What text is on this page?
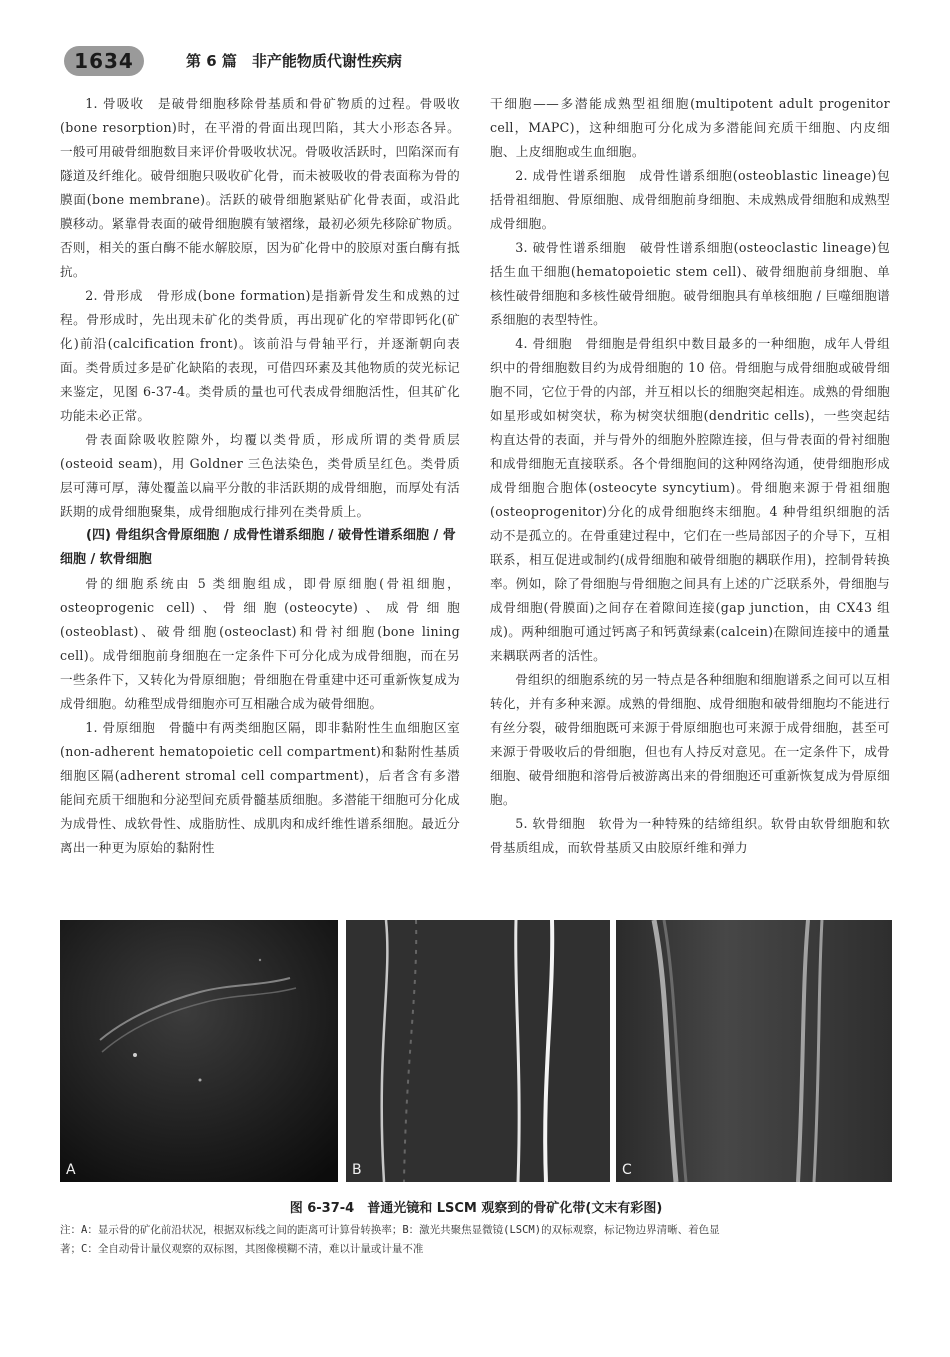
1634	第 6 篇　非产能物质代谢性疾病

1. 骨吸收　是破骨细胞移除骨基质和骨矿物质的过程。骨吸收(bone resorption)时，在平滑的骨面出现凹陷，其大小形态各异。一般可用破骨细胞数目来评价骨吸收状况。骨吸收活跃时，凹陷深而有隧道及纤维化。破骨细胞只吸收矿化骨，而未被吸收的骨表面称为骨的膜面(bone membrane)。活跃的破骨细胞紧贴矿化骨表面，或沿此膜移动。紧靠骨表面的破骨细胞膜有皱褶缘，最初必须先移除矿物质。否则，相关的蛋白酶不能水解胶原，因为矿化骨中的胶原对蛋白酶有抵抗。

2. 骨形成　骨形成(bone formation)是指新骨发生和成熟的过程。骨形成时，先出现未矿化的类骨质，再出现矿化的窄带即钙化(矿化)前沿(calcification front)。该前沿与骨轴平行，并逐渐朝向表面。类骨质过多是矿化缺陷的表现，可借四环素及其他物质的荧光标记来鉴定，见图 6-37-4。类骨质的量也可代表成骨细胞活性，但其矿化功能未必正常。

骨表面除吸收腔隙外，均覆以类骨质，形成所谓的类骨质层(osteoid seam)，用 Goldner 三色法染色，类骨质呈红色。类骨质层可薄可厚，薄处覆盖以扁平分散的非活跃期的成骨细胞，而厚处有活跃期的成骨细胞聚集，成骨细胞成行排列在类骨质上。

(四) 骨组织含骨原细胞 / 成骨性谱系细胞 / 破骨性谱系细胞 / 骨细胞 / 软骨细胞

骨的细胞系统由 5 类细胞组成，即骨原细胞(骨祖细胞，osteoprogenic cell)、骨细胞(osteocyte)、成骨细胞(osteoblast)、破骨细胞(osteoclast)和骨衬细胞(bone lining cell)。成骨细胞前身细胞在一定条件下可分化成为成骨细胞，而在另一些条件下，又转化为骨原细胞；骨细胞在骨重建中还可重新恢复成为成骨细胞。幼稚型成骨细胞亦可互相融合成为破骨细胞。

1. 骨原细胞　骨髓中有两类细胞区隔，即非黏附性生血细胞区室(non-adherent hematopoietic cell compartment)和黏附性基质细胞区隔(adherent stromal cell compartment)，后者含有多潜能间充质干细胞和分泌型间充质骨髓基质细胞。多潜能干细胞可分化成为成骨性、成软骨性、成脂肪性、成肌肉和成纤维性谱系细胞。最近分离出一种更为原始的黏附性

干细胞——多潜能成熟型祖细胞(multipotent adult progenitor cell，MAPC)，这种细胞可分化成为多潜能间充质干细胞、内皮细胞、上皮细胞或生血细胞。

2. 成骨性谱系细胞　成骨性谱系细胞(osteoblastic lineage)包括骨祖细胞、骨原细胞、成骨细胞前身细胞、未成熟成骨细胞和成熟型成骨细胞。

3. 破骨性谱系细胞　破骨性谱系细胞(osteoclastic lineage)包括生血干细胞(hematopoietic stem cell)、破骨细胞前身细胞、单核性破骨细胞和多核性破骨细胞。破骨细胞具有单核细胞 / 巨噬细胞谱系细胞的表型特性。

4. 骨细胞　骨细胞是骨组织中数目最多的一种细胞，成年人骨组织中的骨细胞数目约为成骨细胞的 10 倍。骨细胞与成骨细胞或破骨细胞不同，它位于骨的内部，并互相以长的细胞突起相连。成熟的骨细胞如星形或如树突状，称为树突状细胞(dendritic cells)，一些突起结构直达骨的表面，并与骨外的细胞外腔隙连接，但与骨表面的骨衬细胞和成骨细胞无直接联系。各个骨细胞间的这种网络沟通，使骨细胞形成成骨细胞合胞体(osteocyte syncytium)。骨细胞来源于骨祖细胞(osteoprogenitor)分化的成骨细胞终末细胞。4 种骨组织细胞的活动不是孤立的。在骨重建过程中，它们在一些局部因子的介导下，互相联系，相互促进或制约(成骨细胞和破骨细胞的耦联作用)，控制骨转换率。例如，除了骨细胞与骨细胞之间具有上述的广泛联系外，骨细胞与成骨细胞(骨膜面)之间存在着隙间连接(gap junction，由 CX43 组成)。两种细胞可通过钙离子和钙黄绿素(calcein)在隙间连接中的通量来耦联两者的活性。

骨组织的细胞系统的另一特点是各种细胞和细胞谱系之间可以互相转化，并有多种来源。成熟的骨细胞、成骨细胞和破骨细胞均不能进行有丝分裂，破骨细胞既可来源于骨原细胞也可来源于成骨细胞，甚至可来源于骨吸收后的骨细胞，但也有人持反对意见。在一定条件下，成骨细胞、破骨细胞和溶骨后被游离出来的骨细胞还可重新恢复成为骨原细胞。

5. 软骨细胞　软骨为一种特殊的结缔组织。软骨由软骨细胞和软骨基质组成，而软骨基质又由胶原纤维和弹力

A	B	C
图 6-37-4　普通光镜和 LSCM 观察到的骨矿化带(文末有彩图)
注：A：显示骨的矿化前沿状况，根据双标线之间的距离可计算骨转换率；B：激光共聚焦显微镜(LSCM)的双标观察，标记物边界清晰、着色显
著；C：全自动骨计量仪观察的双标图，其图像模糊不清，难以计量或计量不准
